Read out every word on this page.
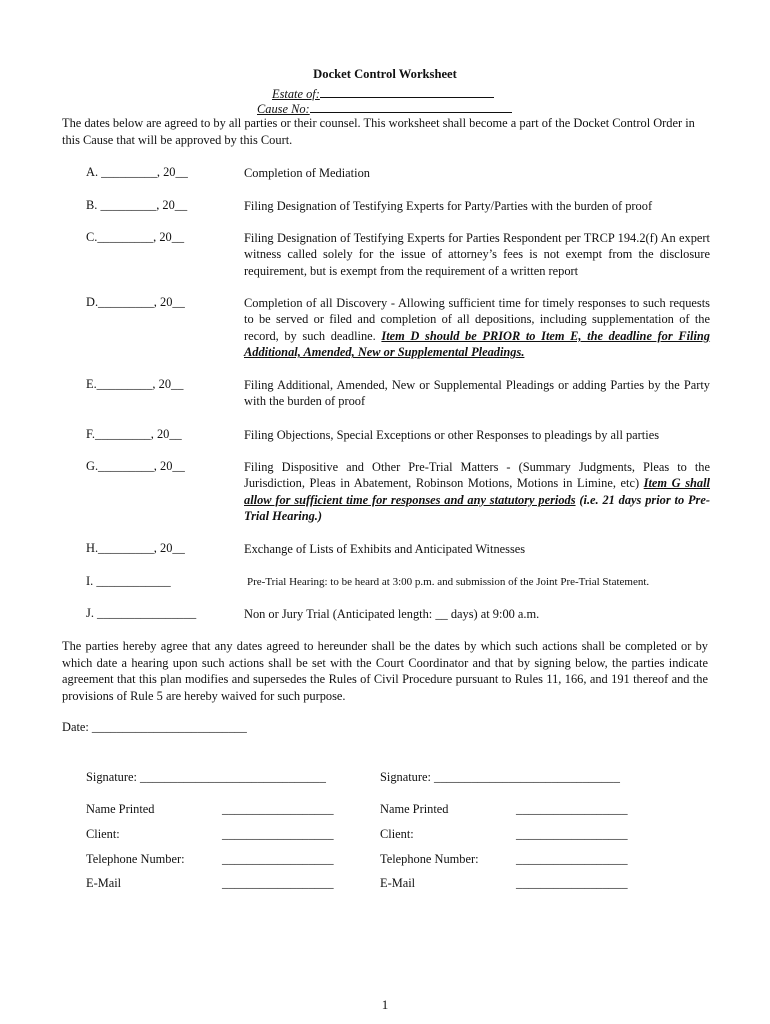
Docket Control Worksheet
Estate of:
Cause No:
The dates below are agreed to by all parties or their counsel. This worksheet shall become a part of the Docket Control Order in this Cause that will be approved by this Court.
A. _________, 20__	Completion of Mediation
B. _________, 20__	Filing Designation of Testifying Experts for Party/Parties with the burden of proof
C._________, 20__	Filing Designation of Testifying Experts for Parties Respondent per TRCP 194.2(f) An expert witness called solely for the issue of attorney’s fees is not exempt from the disclosure requirement, but is exempt from the requirement of a written report
D._________, 20__	Completion of all Discovery - Allowing sufficient time for timely responses to such requests to be served or filed and completion of all depositions, including supplementation of the record, by such deadline. Item D should be PRIOR to Item E, the deadline for Filing Additional, Amended, New or Supplemental Pleadings.
E._________, 20__	Filing Additional, Amended, New or Supplemental Pleadings or adding Parties by the Party with the burden of proof
F._________, 20__	Filing Objections, Special Exceptions or other Responses to pleadings by all parties
G._________, 20__	Filing Dispositive and Other Pre-Trial Matters - (Summary Judgments, Pleas to the Jurisdiction, Pleas in Abatement, Robinson Motions, Motions in Limine, etc) Item G shall allow for sufficient time for responses and any statutory periods (i.e. 21 days prior to Pre-Trial Hearing.)
H._________, 20__	Exchange of Lists of Exhibits and Anticipated Witnesses
I. ____________	Pre-Trial Hearing: to be heard at 3:00 p.m. and submission of the Joint Pre-Trial Statement.
J. ________________	Non or Jury Trial (Anticipated length: __ days) at 9:00 a.m.
The parties hereby agree that any dates agreed to hereunder shall be the dates by which such actions shall be completed or by which date a hearing upon such actions shall be set with the Court Coordinator and that by signing below, the parties indicate agreement that this plan modifies and supersedes the Rules of Civil Procedure pursuant to Rules 11, 166, and 191 thereof and the provisions of Rule 5 are hereby waived for such purpose.
Date: _________________________
Signature: ______________________________
Name Printed	__________________
Client:	__________________
Telephone Number:	__________________
E-Mail	__________________
Signature: ______________________________
Name Printed	__________________
Client:	__________________
Telephone Number:	__________________
E-Mail	__________________
1
